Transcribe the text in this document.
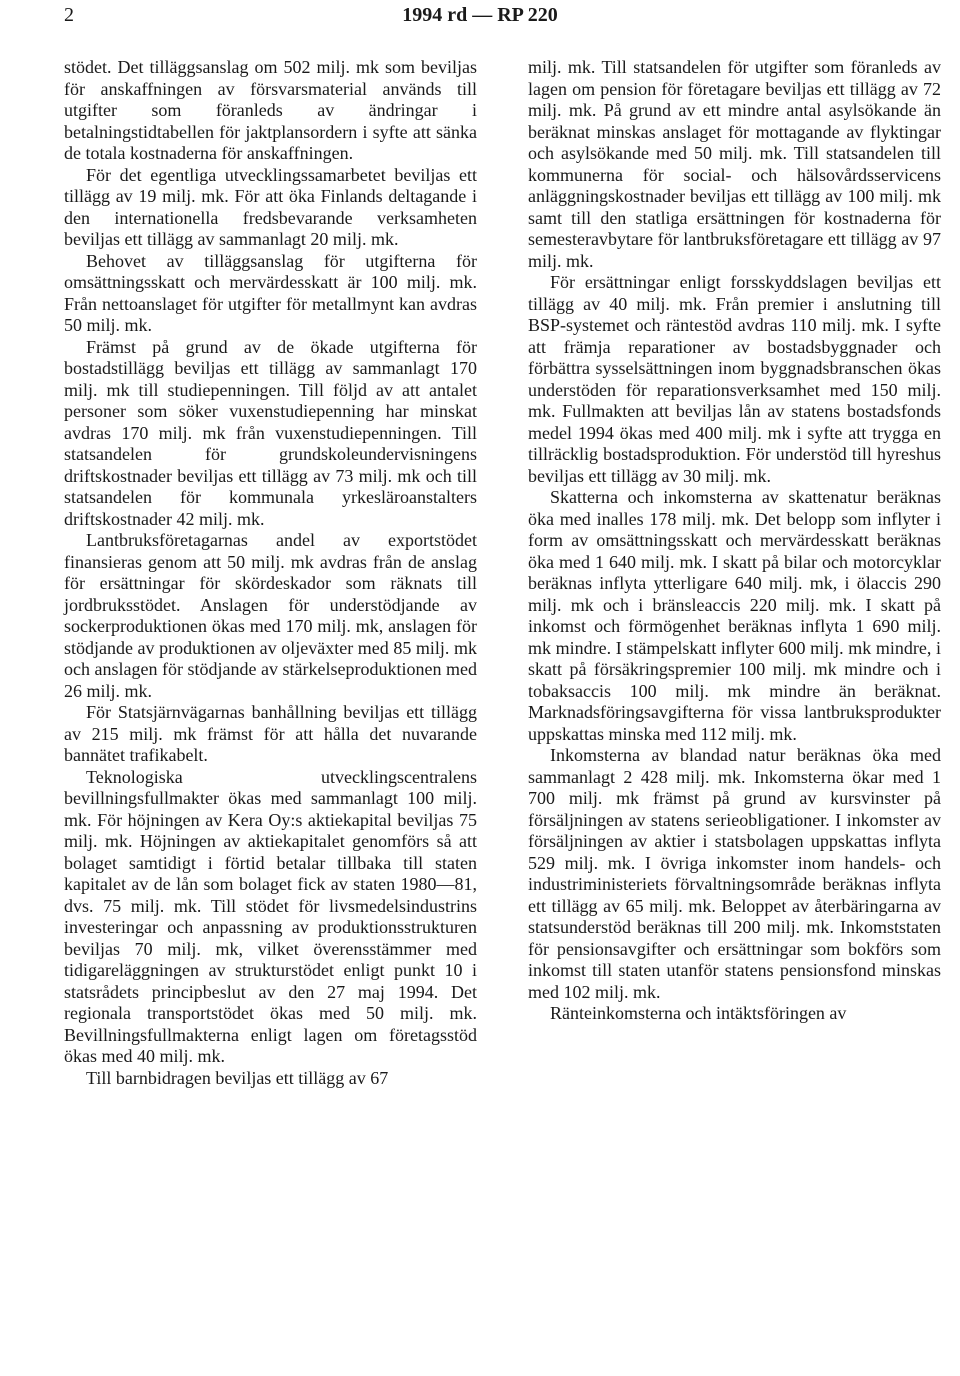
2	1994 rd — RP 220

stödet. Det tilläggsanslag om 502 milj. mk som beviljas för anskaffningen av försvarsmaterial används till utgifter som föranleds av ändringar i betalningstidtabellen för jaktplansordern i syfte att sänka de totala kostnaderna för anskaffningen.

För det egentliga utvecklingssamarbetet beviljas ett tillägg av 19 milj. mk. För att öka Finlands deltagande i den internationella fredsbevarande verksamheten beviljas ett tillägg av sammanlagt 20 milj. mk.

Behovet av tilläggsanslag för utgifterna för omsättningsskatt och mervärdesskatt är 100 milj. mk. Från nettoanslaget för utgifter för metallmynt kan avdras 50 milj. mk.

Främst på grund av de ökade utgifterna för bostadstillägg beviljas ett tillägg av sammanlagt 170 milj. mk till studiepenningen. Till följd av att antalet personer som söker vuxenstudiepenning har minskat avdras 170 milj. mk från vuxenstudiepenningen. Till statsandelen för grundskoleundervisningens driftskostnader beviljas ett tillägg av 73 milj. mk och till statsandelen för kommunala yrkesläroanstalters driftskostnader 42 milj. mk.

Lantbruksföretagarnas andel av exportstödet finansieras genom att 50 milj. mk avdras från de anslag för ersättningar för skördeskador som räknats till jordbruksstödet. Anslagen för understödjande av sockerproduktionen ökas med 170 milj. mk, anslagen för stödjande av produktionen av oljeväxter med 85 milj. mk och anslagen för stödjande av stärkelseproduktionen med 26 milj. mk.

För Statsjärnvägarnas banhållning beviljas ett tillägg av 215 milj. mk främst för att hålla det nuvarande bannätet trafikabelt.

Teknologiska utvecklingscentralens bevillningsfullmakter ökas med sammanlagt 100 milj. mk. För höjningen av Kera Oy:s aktiekapital beviljas 75 milj. mk. Höjningen av aktiekapitalet genomförs så att bolaget samtidigt i förtid betalar tillbaka till staten kapitalet av de lån som bolaget fick av staten 1980—81, dvs. 75 milj. mk. Till stödet för livsmedelsindustrins investeringar och anpassning av produktionsstrukturen beviljas 70 milj. mk, vilket överensstämmer med tidigareläggningen av strukturstödet enligt punkt 10 i statsrådets principbeslut av den 27 maj 1994. Det regionala transportstödet ökas med 50 milj. mk. Bevillningsfullmakterna enligt lagen om företagsstöd ökas med 40 milj. mk.

Till barnbidragen beviljas ett tillägg av 67

milj. mk. Till statsandelen för utgifter som föranleds av lagen om pension för företagare beviljas ett tillägg av 72 milj. mk. På grund av ett mindre antal asylsökande än beräknat minskas anslaget för mottagande av flyktingar och asylsökande med 50 milj. mk. Till statsandelen till kommunerna för social- och hälsovårdsservicens anläggningskostnader beviljas ett tillägg av 100 milj. mk samt till den statliga ersättningen för kostnaderna för semesteravbytare för lantbruksföretagare ett tillägg av 97 milj. mk.

För ersättningar enligt forsskyddslagen beviljas ett tillägg av 40 milj. mk. Från premier i anslutning till BSP-systemet och räntestöd avdras 110 milj. mk. I syfte att främja reparationer av bostadsbyggnader och förbättra sysselsättningen inom byggnadsbranschen ökas understöden för reparationsverksamhet med 150 milj. mk. Fullmakten att beviljas lån av statens bostadsfonds medel 1994 ökas med 400 milj. mk i syfte att trygga en tillräcklig bostadsproduktion. För understöd till hyreshus beviljas ett tillägg av 30 milj. mk.

Skatterna och inkomsterna av skattenatur beräknas öka med inalles 178 milj. mk. Det belopp som inflyter i form av omsättningsskatt och mervärdesskatt beräknas öka med 1 640 milj. mk. I skatt på bilar och motorcyklar beräknas inflyta ytterligare 640 milj. mk, i ölaccis 290 milj. mk och i bränsleaccis 220 milj. mk. I skatt på inkomst och förmögenhet beräknas inflyta 1 690 milj. mk mindre. I stämpelskatt inflyter 600 milj. mk mindre, i skatt på försäkringspremier 100 milj. mk mindre och i tobaksaccis 100 milj. mk mindre än beräknat. Marknadsföringsavgifterna för vissa lantbruksprodukter uppskattas minska med 112 milj. mk.

Inkomsterna av blandad natur beräknas öka med sammanlagt 2 428 milj. mk. Inkomsterna ökar med 1 700 milj. mk främst på grund av kursvinster på försäljningen av statens serieobligationer. I inkomster av försäljningen av aktier i statsbolagen uppskattas inflyta 529 milj. mk. I övriga inkomster inom handels- och industriministeriets förvaltningsområde beräknas inflyta ett tillägg av 65 milj. mk. Beloppet av återbäringarna av statsunderstöd beräknas till 200 milj. mk. Inkomststaten för pensionsavgifter och ersättningar som bokförs som inkomst till staten utanför statens pensionsfond minskas med 102 milj. mk.

Ränteinkomsterna och intäktsföringen av
